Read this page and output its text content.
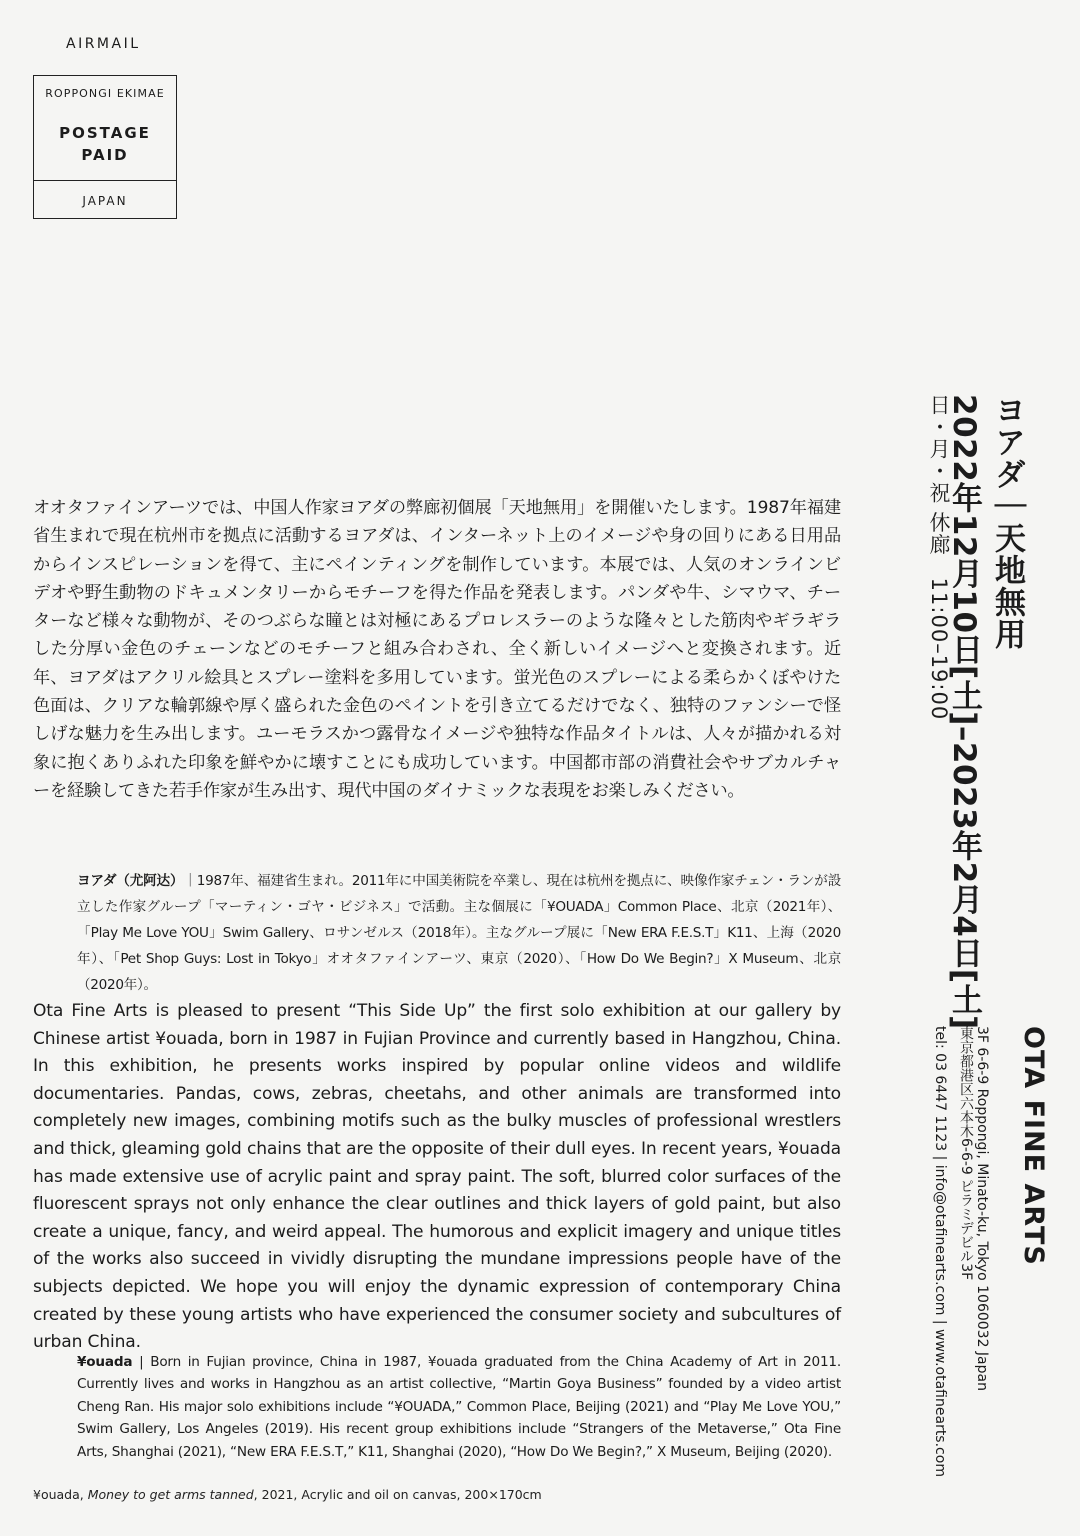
AIRMAIL
ROPPONGI EKIMAE
POSTAGE
PAID
JAPAN
ヨアダ｜天地無用
2022年12月10日[土]–2023年2月4日[土]
日・月・祝 休廊　11:00–19:00

オオタファインアーツでは、中国人作家ヨアダの弊廊初個展「天地無用」を開催いたします。1987年福建省生まれで現在杭州市を拠点に活動するヨアダは、インターネット上のイメージや身の回りにある日用品からインスピレーションを得て、主にペインティングを制作しています。本展では、人気のオンラインビデオや野生動物のドキュメンタリーからモチーフを得た作品を発表します。パンダや牛、シマウマ、チーターなど様々な動物が、そのつぶらな瞳とは対極にあるプロレスラーのような隆々とした筋肉やギラギラした分厚い金色のチェーンなどのモチーフと組み合わされ、全く新しいイメージへと変換されます。近年、ヨアダはアクリル絵具とスプレー塗料を多用しています。蛍光色のスプレーによる柔らかくぼやけた色面は、クリアな輪郭線や厚く盛られた金色のペイントを引き立てるだけでなく、独特のファンシーで怪しげな魅力を生み出します。ユーモラスかつ露骨なイメージや独特な作品タイトルは、人々が描かれる対象に抱くありふれた印象を鮮やかに壊すことにも成功しています。中国都市部の消費社会やサブカルチャーを経験してきた若手作家が生み出す、現代中国のダイナミックな表現をお楽しみください。

ヨアダ（尤阿达）｜1987年、福建省生まれ。2011年に中国美術院を卒業し、現在は杭州を拠点に、映像作家チェン・ランが設立した作家グループ「マーティン・ゴヤ・ビジネス」で活動。主な個展に「¥OUADA」Common Place、北京（2021年）、「Play Me Love YOU」Swim Gallery、ロサンゼルス（2018年）。主なグループ展に「New ERA F.E.S.T」K11、上海（2020年）、「Pet Shop Guys: Lost in Tokyo」オオタファインアーツ、東京（2020）、「How Do We Begin?」X Museum、北京（2020年）。

Ota Fine Arts is pleased to present “This Side Up” the first solo exhibition at our gallery by Chinese artist ¥ouada, born in 1987 in Fujian Province and currently based in Hangzhou, China. In this exhibition, he presents works inspired by popular online videos and wildlife documentaries. Pandas, cows, zebras, cheetahs, and other animals are transformed into completely new images, combining motifs such as the bulky muscles of professional wrestlers and thick, gleaming gold chains that are the opposite of their dull eyes. In recent years, ¥ouada has made extensive use of acrylic paint and spray paint. The soft, blurred color surfaces of the fluorescent sprays not only enhance the clear outlines and thick layers of gold paint, but also create a unique, fancy, and weird appeal. The humorous and explicit imagery and unique titles of the works also succeed in vividly disrupting the mundane impressions people have of the subjects depicted. We hope you will enjoy the dynamic expression of contemporary China created by these young artists who have experienced the consumer society and subcultures of urban China.

¥ouada | Born in Fujian province, China in 1987, ¥ouada graduated from the China Academy of Art in 2011. Currently lives and works in Hangzhou as an artist collective, “Martin Goya Business” founded by a video artist Cheng Ran. His major solo exhibitions include “¥OUADA,” Common Place, Beijing (2021) and “Play Me Love YOU,” Swim Gallery, Los Angeles (2019). His recent group exhibitions include “Strangers of the Metaverse,” Ota Fine Arts, Shanghai (2021), “New ERA F.E.S.T,” K11, Shanghai (2020), “How Do We Begin?,” X Museum, Beijing (2020).

OTA FINE ARTS
3F 6-6-9 Roppongi, Minato-ku, Tokyo 1060032 Japan
東京都港区六本木6-6-9 ピラミデビル3F
tel: 03 6447 1123 | info@otafinearts.com | www.otafinearts.com
¥ouada, Money to get arms tanned, 2021, Acrylic and oil on canvas, 200×170cm
